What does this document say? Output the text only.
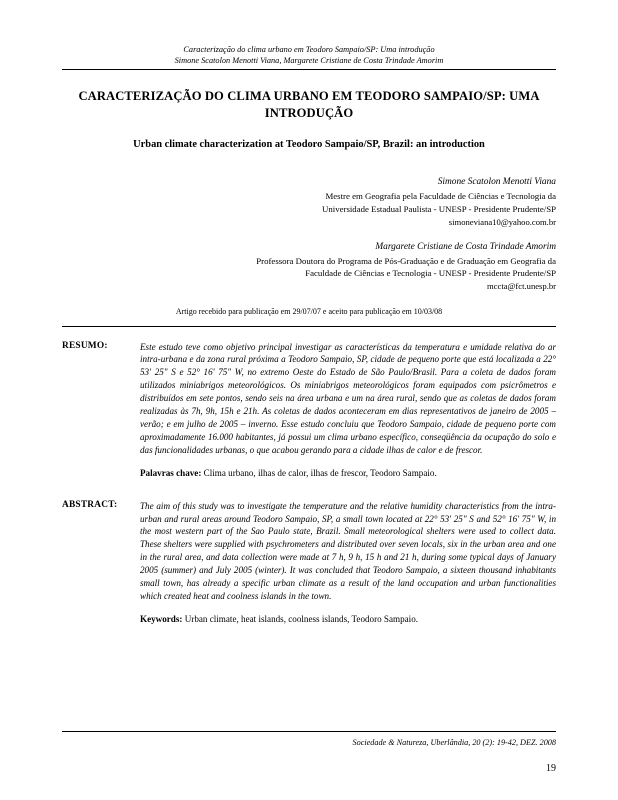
Caracterização do clima urbano em Teodoro Sampaio/SP: Uma introdução
Simone Scatolon Menotti Viana, Margarete Cristiane de Costa Trindade Amorim
CARACTERIZAÇÃO DO CLIMA URBANO EM TEODORO SAMPAIO/SP: UMA INTRODUÇÃO
Urban climate characterization at Teodoro Sampaio/SP, Brazil: an introduction
Simone Scatolon Menotti Viana
Mestre em Geografia pela Faculdade de Ciências e Tecnologia da
Universidade Estadual Paulista - UNESP - Presidente Prudente/SP
simoneviana10@yahoo.com.br
Margarete Cristiane de Costa Trindade Amorim
Professora Doutora do Programa de Pós-Graduação e de Graduação em Geografia da
Faculdade de Ciências e Tecnologia - UNESP - Presidente Prudente/SP
mccta@fct.unesp.br
Artigo recebido para publicação em 29/07/07 e aceito para publicação em 10/03/08
RESUMO:	Este estudo teve como objetivo principal investigar as características da temperatura e umidade relativa do ar intra-urbana e da zona rural próxima a Teodoro Sampaio, SP, cidade de pequeno porte que está localizada a 22° 53' 25" S e 52° 16' 75" W, no extremo Oeste do Estado de São Paulo/Brasil. Para a coleta de dados foram utilizados miniabrigos meteorológicos. Os miniabrigos meteorológicos foram equipados com psicrômetros e distribuídos em sete pontos, sendo seis na área urbana e um na área rural, sendo que as coletas de dados foram realizadas às 7h, 9h, 15h e 21h. As coletas de dados aconteceram em dias representativos de janeiro de 2005 – verão; e em julho de 2005 – inverno. Esse estudo concluiu que Teodoro Sampaio, cidade de pequeno porte com aproximadamente 16.000 habitantes, já possui um clima urbano específico, conseqüência da ocupação do solo e das funcionalidades urbanas, o que acabou gerando para a cidade ilhas de calor e de frescor.
Palavras chave: Clima urbano, ilhas de calor, ilhas de frescor, Teodoro Sampaio.
ABSTRACT:	The aim of this study was to investigate the temperature and the relative humidity characteristics from the intra-urban and rural areas around Teodoro Sampaio, SP, a small town located at 22° 53' 25" S and 52° 16' 75" W, in the most western part of the Sao Paulo state, Brazil. Small meteorological shelters were used to collect data. These shelters were supplied with psychrometers and distributed over seven locals, six in the urban area and one in the rural area, and data collection were made at 7 h, 9 h, 15 h and 21 h, during some typical days of January 2005 (summer) and July 2005 (winter). It was concluded that Teodoro Sampaio, a sixteen thousand inhabitants small town, has already a specific urban climate as a result of the land occupation and urban functionalities which created heat and coolness islands in the town.
Keywords: Urban climate, heat islands, coolness islands, Teodoro Sampaio.
Sociedade & Natureza, Uberlândia, 20 (2): 19-42, DEZ. 2008
19
